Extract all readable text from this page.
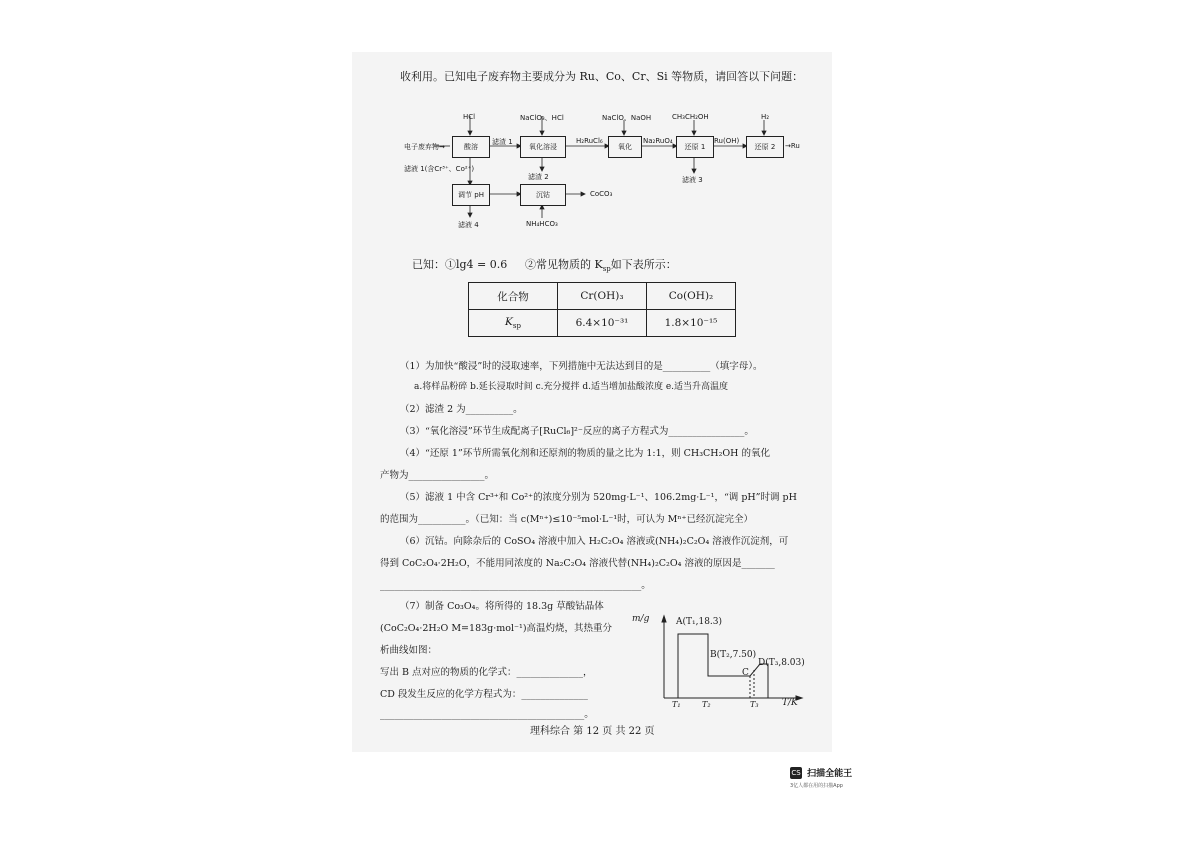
收利用。已知电子废弃物主要成分为 Ru、Co、Cr、Si 等物质，请回答以下问题：
HCl	NaClO₃、HCl	NaClO、NaOH	CH₃CH₂OH	H₂
电子废弃物→	酸溶
滤渣 1
氧化溶浸
H₂RuCl₆
氧化
Na₂RuO₄
还原 1
Ru(OH)
还原 2	→Ru
滤液 1(含Cr³⁺、Co²⁺)
滤渣 2	滤液 3
调节 pH	沉钴	CoCO₃
滤液 4	NH₄HCO₃
已知：①lg4 = 0.6 ②常见物质的 $K_{sp}$如下表所示：
化合物	Cr(OH)₃	Co(OH)₂
$K_{sp}$	6.4×10⁻³¹	1.8×10⁻¹⁵
（1）为加快“酸浸”时的浸取速率，下列措施中无法达到目的是__________（填字母）。
a.将样品粉碎 b.延长浸取时间 c.充分搅拌 d.适当增加盐酸浓度 e.适当升高温度
（2）滤渣 2 为__________。
（3）“氧化溶浸”环节生成配离子[RuCl₆]²⁻反应的离子方程式为________________。
（4）“还原 1”环节所需氧化剂和还原剂的物质的量之比为 1:1，则 CH₃CH₂OH 的氧化
产物为________________。
（5）滤液 1 中含 Cr³⁺和 Co²⁺的浓度分别为 520mg·L⁻¹、106.2mg·L⁻¹，“调 pH”时调 pH
的范围为__________。（已知：当 c(Mⁿ⁺)≤10⁻⁵mol·L⁻¹时，可认为 Mⁿ⁺已经沉淀完全）
（6）沉钴。向除杂后的 CoSO₄ 溶液中加入 H₂C₂O₄ 溶液或(NH₄)₂C₂O₄ 溶液作沉淀剂，可
得到 CoC₂O₄·2H₂O，不能用同浓度的 Na₂C₂O₄ 溶液代替(NH₄)₂C₂O₄ 溶液的原因是_______
_______________________________________________________。
（7）制备 Co₃O₄。将所得的 18.3g 草酸钴晶体
(CoC₂O₄·2H₂O M=183g·mol⁻¹)高温灼烧，其热重分
析曲线如图：
写出 B 点对应的物质的化学式：______________，
CD 段发生反应的化学方程式为：______________
___________________________________________。
m/g	A(T₁,18.3)
B(T₂,7.50)
C
D(T₃,8.03)
T₁	T₂	T₃	T/K
理科综合 第 12 页 共 22 页
CS 扫描全能王
3亿人都在用的扫描App
